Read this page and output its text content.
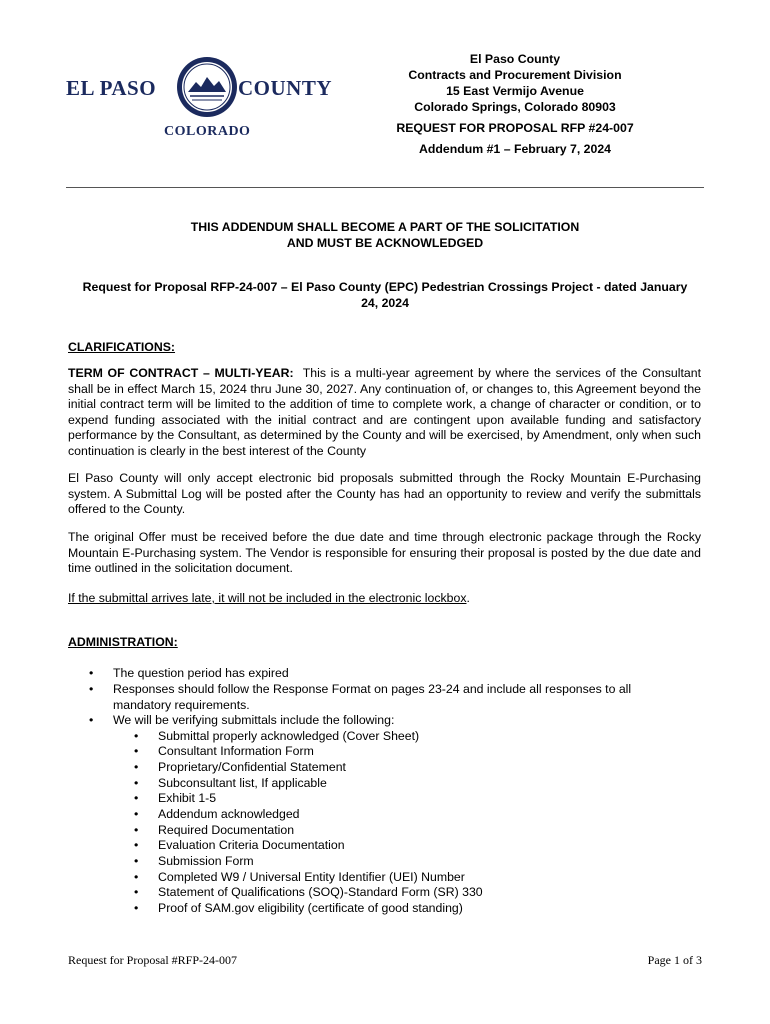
EL PASO	COUNTY
COLORADO
El Paso County
Contracts and Procurement Division
15 East Vermijo Avenue
Colorado Springs, Colorado 80903
REQUEST FOR PROPOSAL RFP #24-007
Addendum #1 – February 7, 2024
THIS ADDENDUM SHALL BECOME A PART OF THE SOLICITATION
AND MUST BE ACKNOWLEDGED
Request for Proposal RFP-24-007 – El Paso County (EPC) Pedestrian Crossings Project - dated January
24, 2024
CLARIFICATIONS:
TERM OF CONTRACT – MULTI-YEAR: This is a multi-year agreement by where the services of the Consultant shall be in effect March 15, 2024 thru June 30, 2027. Any continuation of, or changes to, this Agreement beyond the initial contract term will be limited to the addition of time to complete work, a change of character or condition, or to expend funding associated with the initial contract and are contingent upon available funding and satisfactory performance by the Consultant, as determined by the County and will be exercised, by Amendment, only when such continuation is clearly in the best interest of the County
El Paso County will only accept electronic bid proposals submitted through the Rocky Mountain E-Purchasing system. A Submittal Log will be posted after the County has had an opportunity to review and verify the submittals offered to the County.
The original Offer must be received before the due date and time through electronic package through the Rocky Mountain E-Purchasing system. The Vendor is responsible for ensuring their proposal is posted by the due date and time outlined in the solicitation document.
If the submittal arrives late, it will not be included in the electronic lockbox.
ADMINISTRATION:
• The question period has expired
• Responses should follow the Response Format on pages 23-24 and include all responses to all mandatory requirements.
• We will be verifying submittals include the following:
• Submittal properly acknowledged (Cover Sheet)
• Consultant Information Form
• Proprietary/Confidential Statement
• Subconsultant list, If applicable
• Exhibit 1-5
• Addendum acknowledged
• Required Documentation
• Evaluation Criteria Documentation
• Submission Form
• Completed W9 / Universal Entity Identifier (UEI) Number
• Statement of Qualifications (SOQ)-Standard Form (SR) 330
• Proof of SAM.gov eligibility (certificate of good standing)
Request for Proposal #RFP-24-007	Page 1 of 3
